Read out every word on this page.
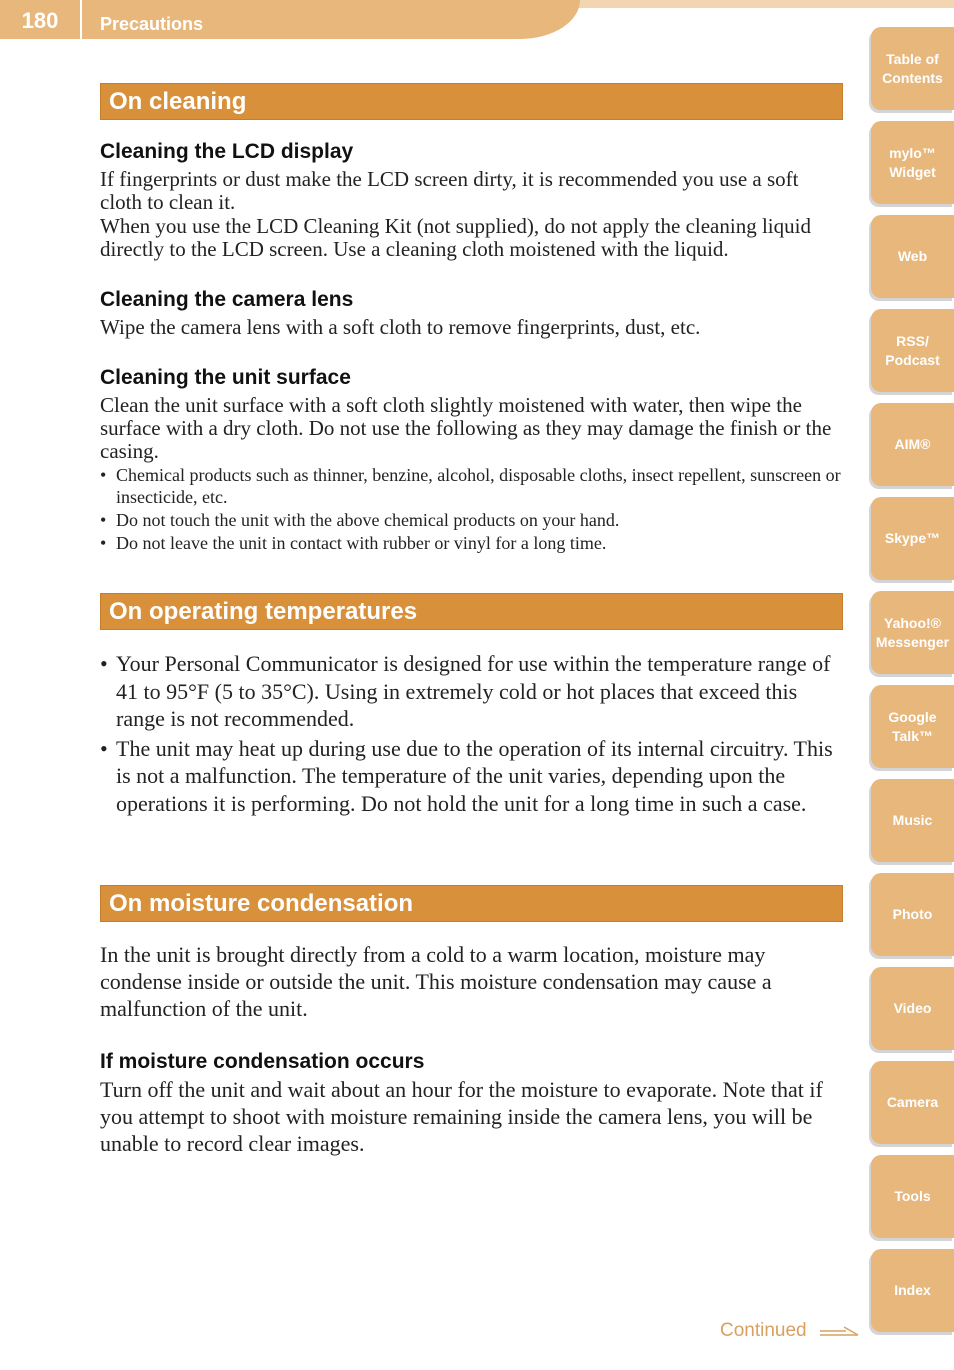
180	Precautions
On cleaning
Cleaning the LCD display

If fingerprints or dust make the LCD screen dirty, it is recommended you use a soft cloth to clean it.

When you use the LCD Cleaning Kit (not supplied), do not apply the cleaning liquid directly to the LCD screen. Use a cleaning cloth moistened with the liquid.

Cleaning the camera lens

Wipe the camera lens with a soft cloth to remove fingerprints, dust, etc.

Cleaning the unit surface

Clean the unit surface with a soft cloth slightly moistened with water, then wipe the surface with a dry cloth. Do not use the following as they may damage the finish or the casing.

• Chemical products such as thinner, benzine, alcohol, disposable cloths, insect repellent, sunscreen or insecticide, etc.
• Do not touch the unit with the above chemical products on your hand.
• Do not leave the unit in contact with rubber or vinyl for a long time.
On operating temperatures
• Your Personal Communicator is designed for use within the temperature range of 41 to 95°F (5 to 35°C). Using in extremely cold or hot places that exceed this range is not recommended.
• The unit may heat up during use due to the operation of its internal circuitry. This is not a malfunction. The temperature of the unit varies, depending upon the operations it is performing. Do not hold the unit for a long time in such a case.
On moisture condensation

In the unit is brought directly from a cold to a warm location, moisture may condense inside or outside the unit. This moisture condensation may cause a malfunction of the unit.

If moisture condensation occurs

Turn off the unit and wait about an hour for the moisture to evaporate. Note that if you attempt to shoot with moisture remaining inside the camera lens, you will be unable to record clear images.

Table of
Contents
mylo™
Widget
Web
RSS/
Podcast
AIM®
Skype™
Yahoo!®
Messenger
Google
Talk™
Music
Photo
Video
Camera
Tools
Index
Continued
